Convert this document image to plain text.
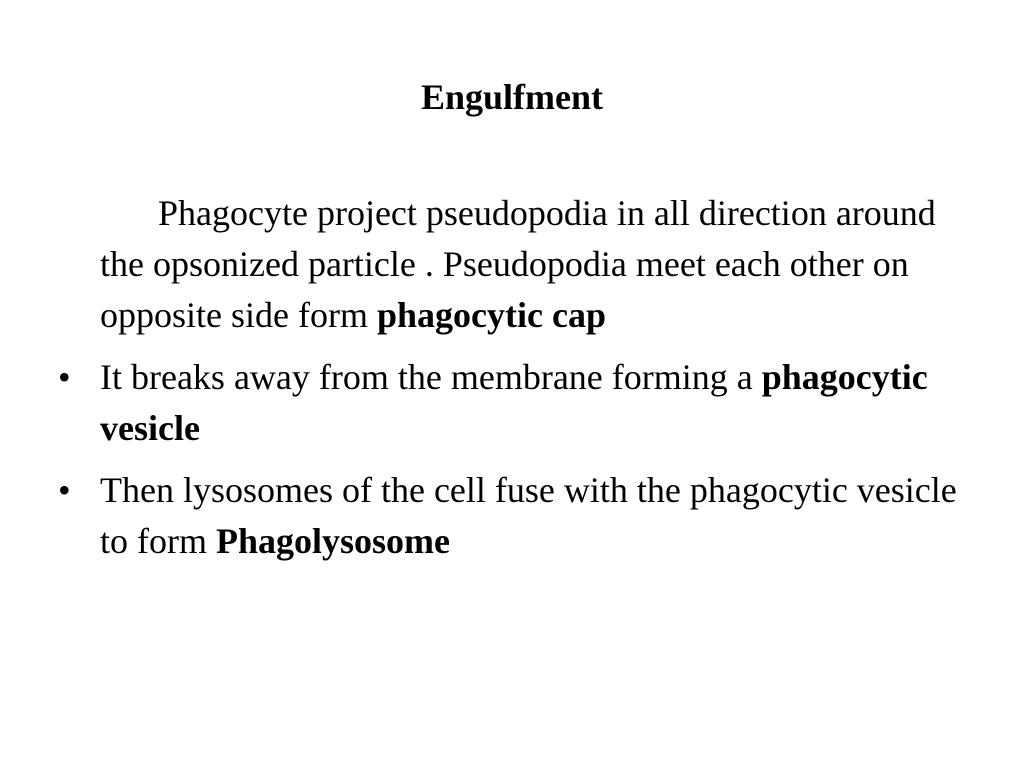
Engulfment

Phagocyte project pseudopodia in all direction around the opsonized particle . Pseudopodia meet each other on opposite side form phagocytic cap

• It breaks away from the membrane forming a phagocytic vesicle

• Then lysosomes of the cell fuse with the phagocytic vesicle to form Phagolysosome
